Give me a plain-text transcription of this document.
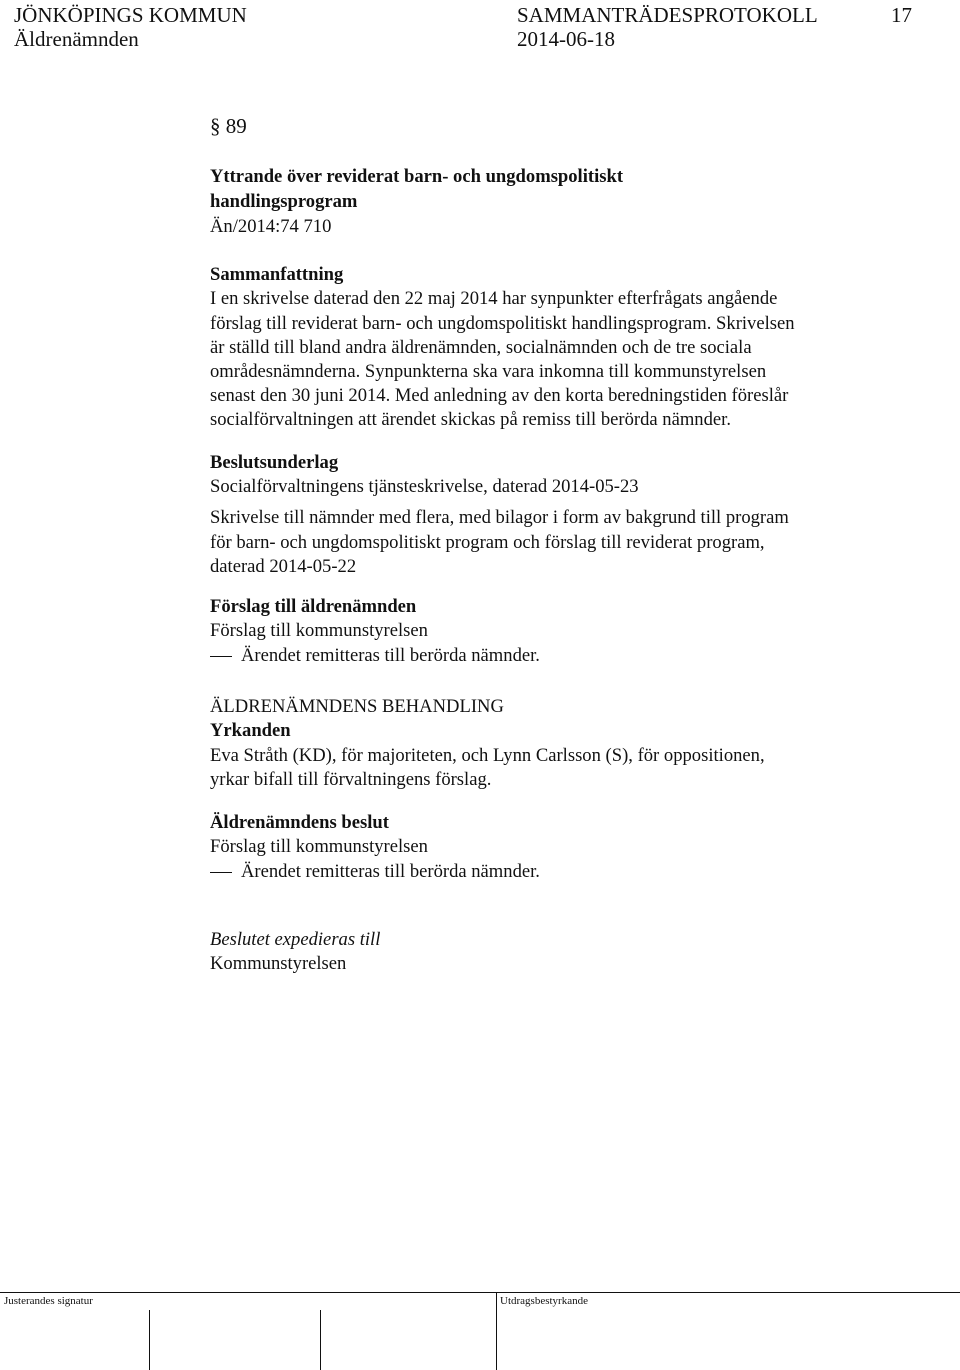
JÖNKÖPINGS KOMMUN	SAMMANTRÄDESPROTOKOLL	17
Äldrenämnden	2014-06-18
§ 89
Yttrande över reviderat barn- och ungdomspolitiskt
handlingsprogram
Än/2014:74 710
Sammanfattning
I en skrivelse daterad den 22 maj 2014 har synpunkter efterfrågats angående
förslag till reviderat barn- och ungdomspolitiskt handlingsprogram. Skrivelsen
är ställd till bland andra äldrenämnden, socialnämnden och de tre sociala
områdesnämnderna. Synpunkterna ska vara inkomna till kommunstyrelsen
senast den 30 juni 2014. Med anledning av den korta beredningstiden föreslår
socialförvaltningen att ärendet skickas på remiss till berörda nämnder.
Beslutsunderlag
Socialförvaltningens tjänsteskrivelse, daterad 2014-05-23
Skrivelse till nämnder med flera, med bilagor i form av bakgrund till program
för barn- och ungdomspolitiskt program och förslag till reviderat program,
daterad 2014-05-22
Förslag till äldrenämnden
Förslag till kommunstyrelsen
Ärendet remitteras till berörda nämnder.
ÄLDRENÄMNDENS BEHANDLING
Yrkanden
Eva Stråth (KD), för majoriteten, och Lynn Carlsson (S), för oppositionen,
yrkar bifall till förvaltningens förslag.
Äldrenämndens beslut
Förslag till kommunstyrelsen
Ärendet remitteras till berörda nämnder.
Beslutet expedieras till
Kommunstyrelsen
Justerandes signatur	Utdragsbestyrkande
